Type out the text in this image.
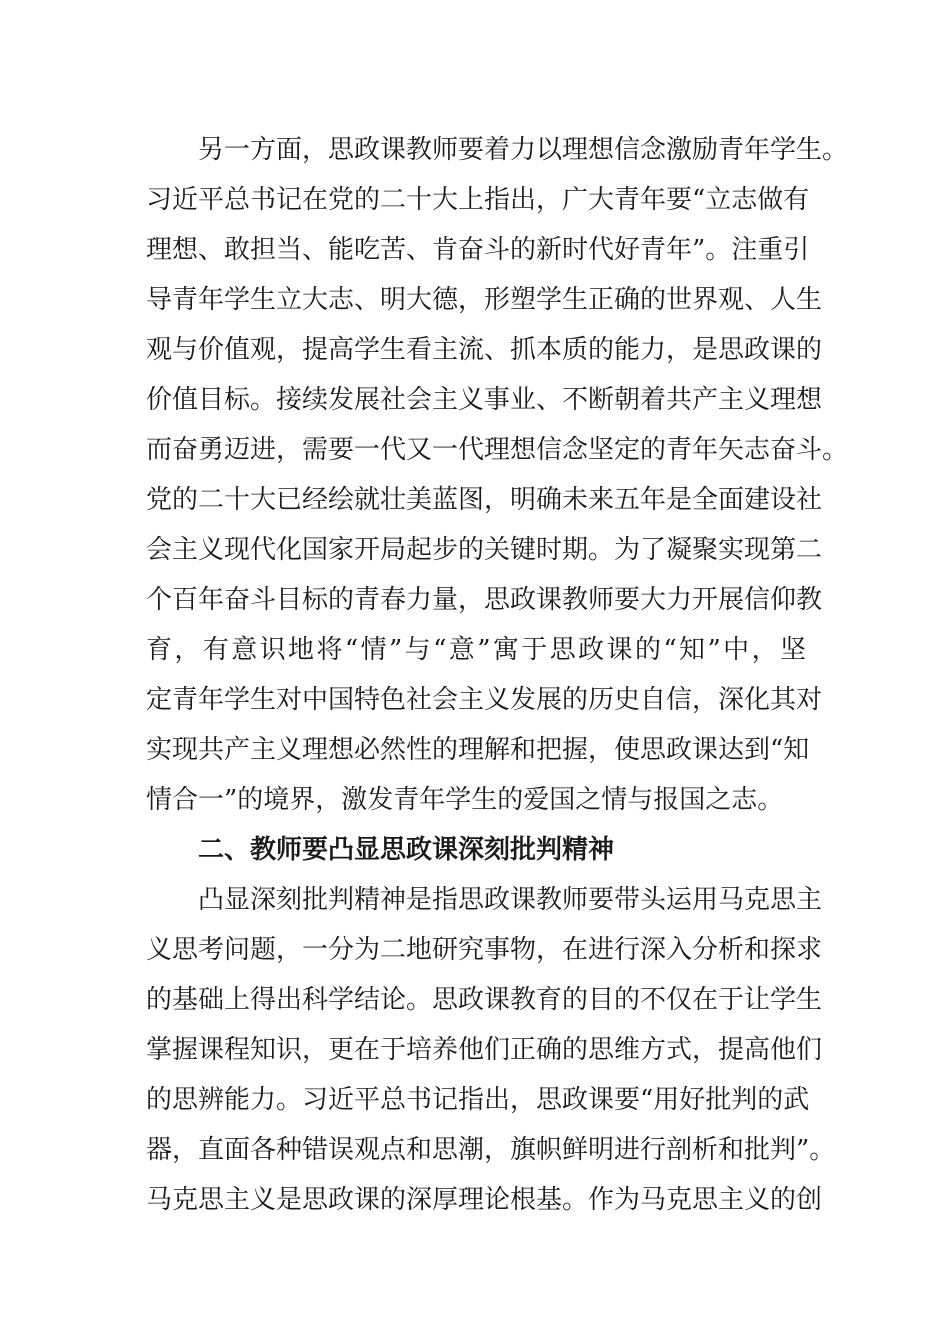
另一方面，思政课教师要着力以理想信念激励青年学生。
习近平总书记在党的二十大上指出，广大青年要“立志做有
理想、敢担当、能吃苦、肯奋斗的新时代好青年”。注重引
导青年学生立大志、明大德，形塑学生正确的世界观、人生
观与价值观，提高学生看主流、抓本质的能力，是思政课的
价值目标。接续发展社会主义事业、不断朝着共产主义理想
而奋勇迈进，需要一代又一代理想信念坚定的青年矢志奋斗。
党的二十大已经绘就壮美蓝图，明确未来五年是全面建设社
会主义现代化国家开局起步的关键时期。为了凝聚实现第二
个百年奋斗目标的青春力量，思政课教师要大力开展信仰教
育，有意识地将“情”与“意”寓于思政课的“知”中，坚
定青年学生对中国特色社会主义发展的历史自信，深化其对
实现共产主义理想必然性的理解和把握，使思政课达到“知
情合一”的境界，激发青年学生的爱国之情与报国之志。
二、教师要凸显思政课深刻批判精神
凸显深刻批判精神是指思政课教师要带头运用马克思主
义思考问题，一分为二地研究事物，在进行深入分析和探求
的基础上得出科学结论。思政课教育的目的不仅在于让学生
掌握课程知识，更在于培养他们正确的思维方式，提高他们
的思辨能力。习近平总书记指出，思政课要“用好批判的武
器，直面各种错误观点和思潮，旗帜鲜明进行剖析和批判”。
马克思主义是思政课的深厚理论根基。作为马克思主义的创
